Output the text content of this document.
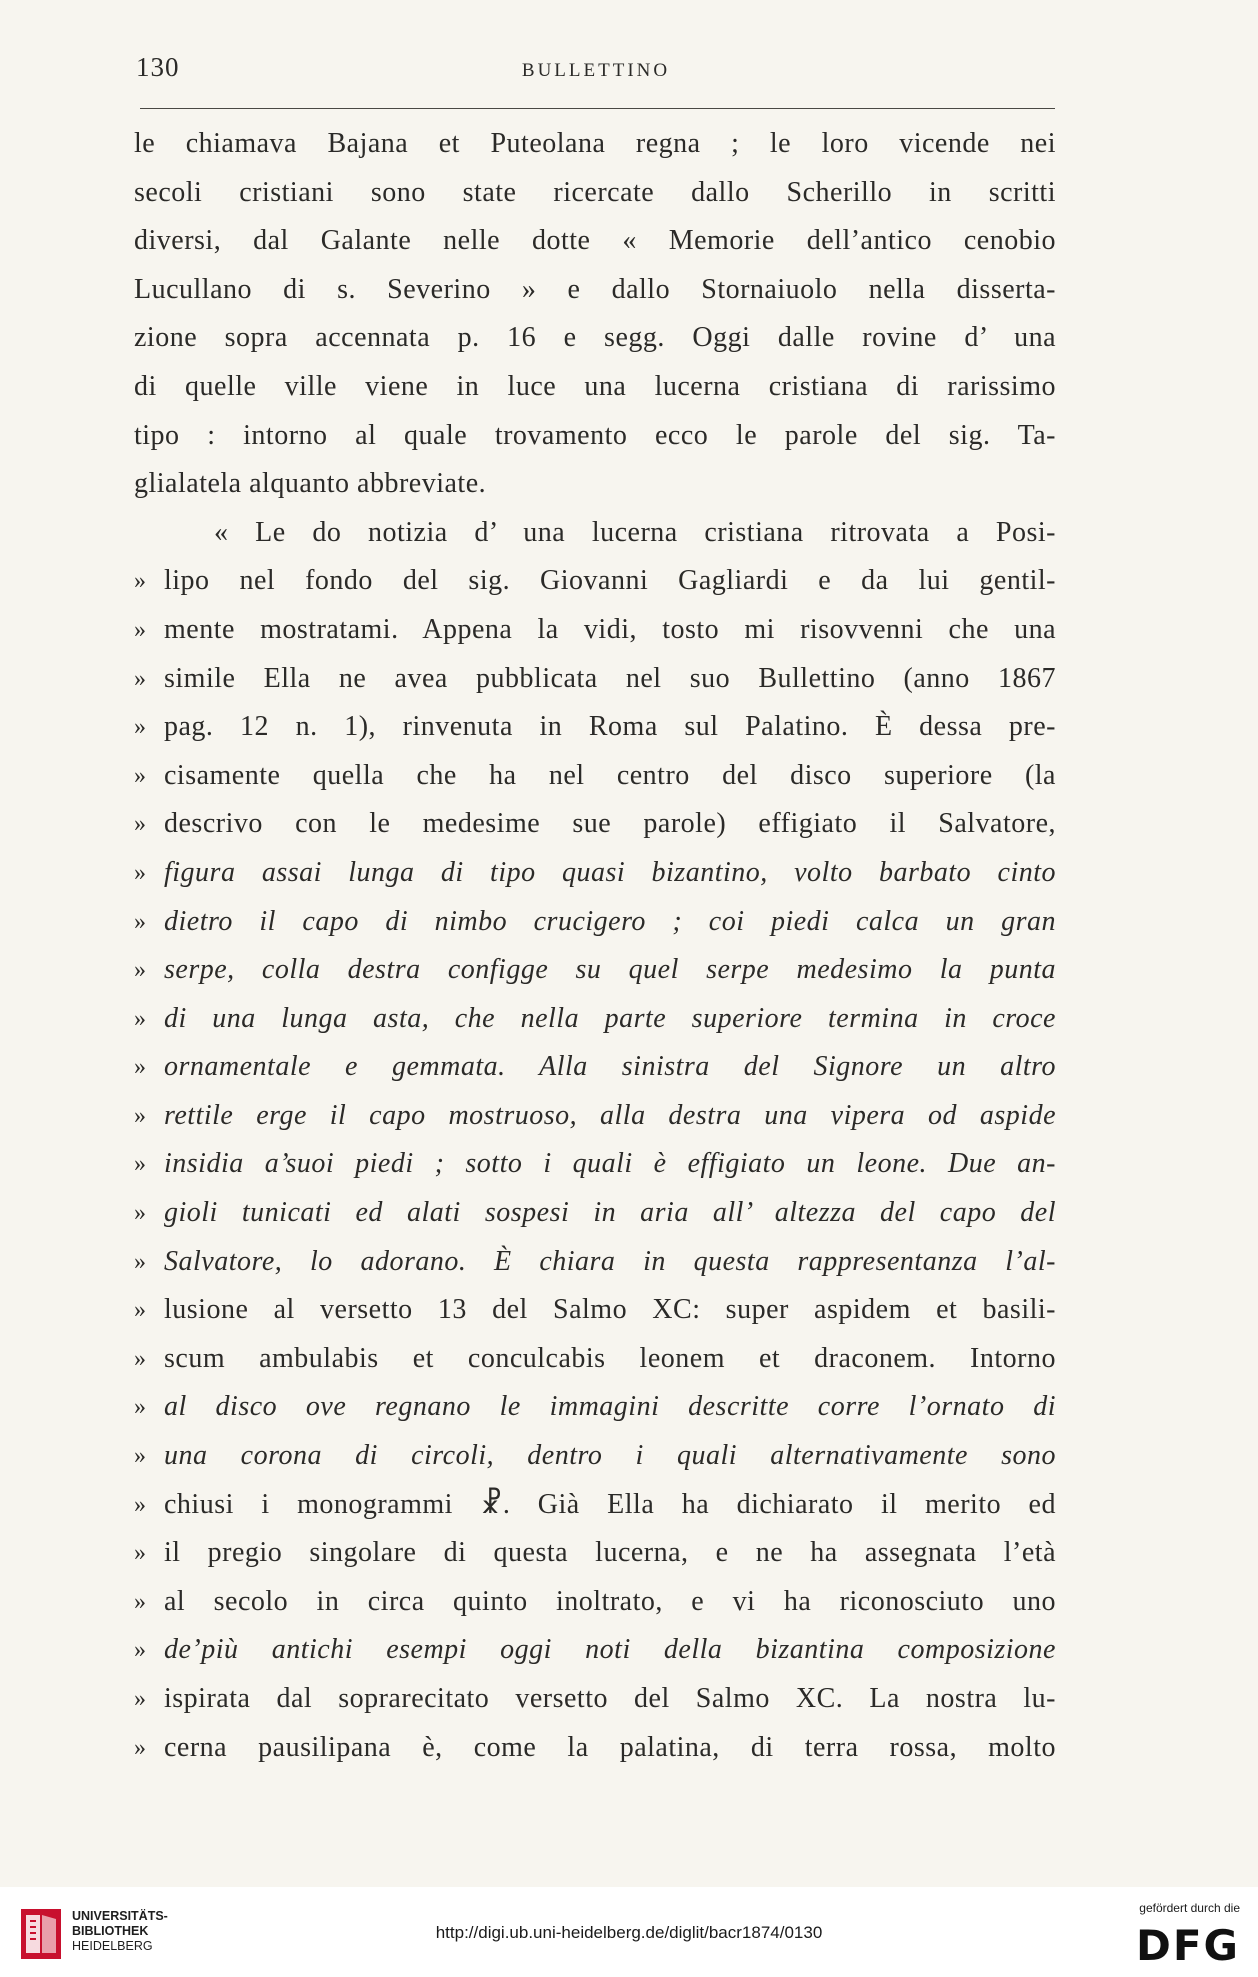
130	BULLETTINO
le chiamava Bajana et Puteolana regna ; le loro vicende nei
secoli cristiani sono state ricercate dallo Scherillo in scritti
diversi, dal Galante nelle dotte « Memorie dell’antico cenobio
Lucullano di s. Severino » e dallo Stornaiuolo nella disserta-
zione sopra accennata p. 16 e segg. Oggi dalle rovine d’ una
di quelle ville viene in luce una lucerna cristiana di rarissimo
tipo : intorno al quale trovamento ecco le parole del sig. Ta-
glialatela alquanto abbreviate.
« Le do notizia d’ una lucerna cristiana ritrovata a Posi-
» lipo nel fondo del sig. Giovanni Gagliardi e da lui gentil-
» mente mostratami. Appena la vidi, tosto mi risovvenni che una
» simile Ella ne avea pubblicata nel suo Bullettino (anno 1867
» pag. 12 n. 1), rinvenuta in Roma sul Palatino. È dessa pre-
» cisamente quella che ha nel centro del disco superiore (la
» descrivo con le medesime sue parole) effigiato il Salvatore,
» figura assai lunga di tipo quasi bizantino, volto barbato cinto
» dietro il capo di nimbo crucigero ; coi piedi calca un gran
» serpe, colla destra configge su quel serpe medesimo la punta
» di una lunga asta, che nella parte superiore termina in croce
» ornamentale e gemmata. Alla sinistra del Signore un altro
» rettile erge il capo mostruoso, alla destra una vipera od aspide
» insidia a’suoi piedi ; sotto i quali è effigiato un leone. Due an-
» gioli tunicati ed alati sospesi in aria all’ altezza del capo del
» Salvatore, lo adorano. È chiara in questa rappresentanza l’al-
» lusione al versetto 13 del Salmo XC: super aspidem et basili-
» scum ambulabis et conculcabis leonem et draconem. Intorno
» al disco ove regnano le immagini descritte corre l’ornato di
» una corona di circoli, dentro i quali alternativamente sono
» chiusi i monogrammi ☧. Già Ella ha dichiarato il merito ed
» il pregio singolare di questa lucerna, e ne ha assegnata l’età
» al secolo in circa quinto inoltrato, e vi ha riconosciuto uno
» de’più antichi esempi oggi noti della bizantina composizione
» ispirata dal soprarecitato versetto del Salmo XC. La nostra lu-
» cerna pausilipana è, come la palatina, di terra rossa, molto
UNIVERSITÄTS-
BIBLIOTHEK
HEIDELBERG
http://digi.ub.uni-heidelberg.de/diglit/bacr1874/0130
gefördert durch die
DFG
